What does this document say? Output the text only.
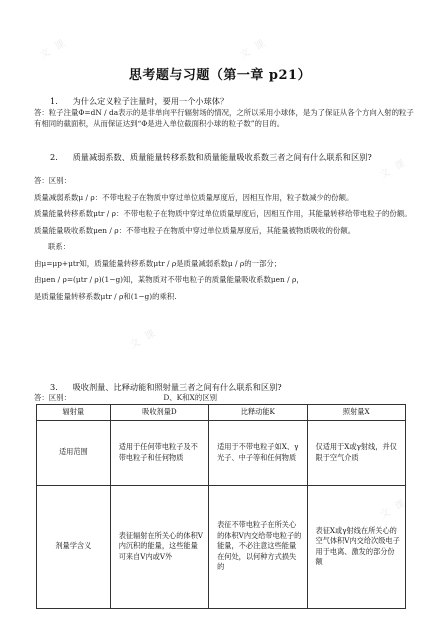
文 课	文 课
文 课
文 课
文 课
思考题与习题（第一章 p21）
1. 为什么定义粒子注量时，要用一个小球体？

答：粒子注量Φ=dN / da表示的是非单向平行辐射场的情况，之所以采用小球体，是为了保证从各个方向入射的粒子有相同的截面积，从而保证达到“Φ是进入单位截面积小球的粒子数”的目的。

2. 质量减弱系数、质量能量转移系数和质量能量吸收系数三者之间有什么联系和区别?

答：区别：

质量减弱系数μ / ρ：不带电粒子在物质中穿过单位质量厚度后，因相互作用，粒子数减少的份额。

质量能量转移系数μtr / ρ：不带电粒子在物质中穿过单位质量厚度后，因相互作用，其能量转移给带电粒子的份额。

质量能量吸收系数μen / ρ：不带电粒子在物质中穿过单位质量厚度后，其能量被物质吸收的份额。

联系：

由μ=μp+μtr知，质量能量转移系数μtr / ρ是质量减弱系数μ / ρ的一部分；

由μen / ρ=(μtr / ρ)(1−g)知，某物质对不带电粒子的质量能量吸收系数μen / ρ，

是质量能量转移系数μtr / ρ和(1−g)的乘积.

3. 吸收剂量、比释动能和照射量三者之间有什么联系和区别?
答：区别：	D、K和X的区别
辐射量	吸收剂量D	比释动能K	照射量X
适用范围	适用于任何带电粒子及不带电粒子和任何物质	适用于不带电粒子如X、γ光子、中子等和任何物质	仅适用于X或γ射线，并仅限于空气介质
剂量学含义	表征辐射在所关心的体积V内沉积的能量，这些能量可来自V内或V外	表征不带电粒子在所关心的体积V内交给带电粒子的能量，不必注意这些能量在何处，以何种方式损失的	表征X或γ射线在所关心的空气体积V内交给次级电子用于电离、激发的部分份额
